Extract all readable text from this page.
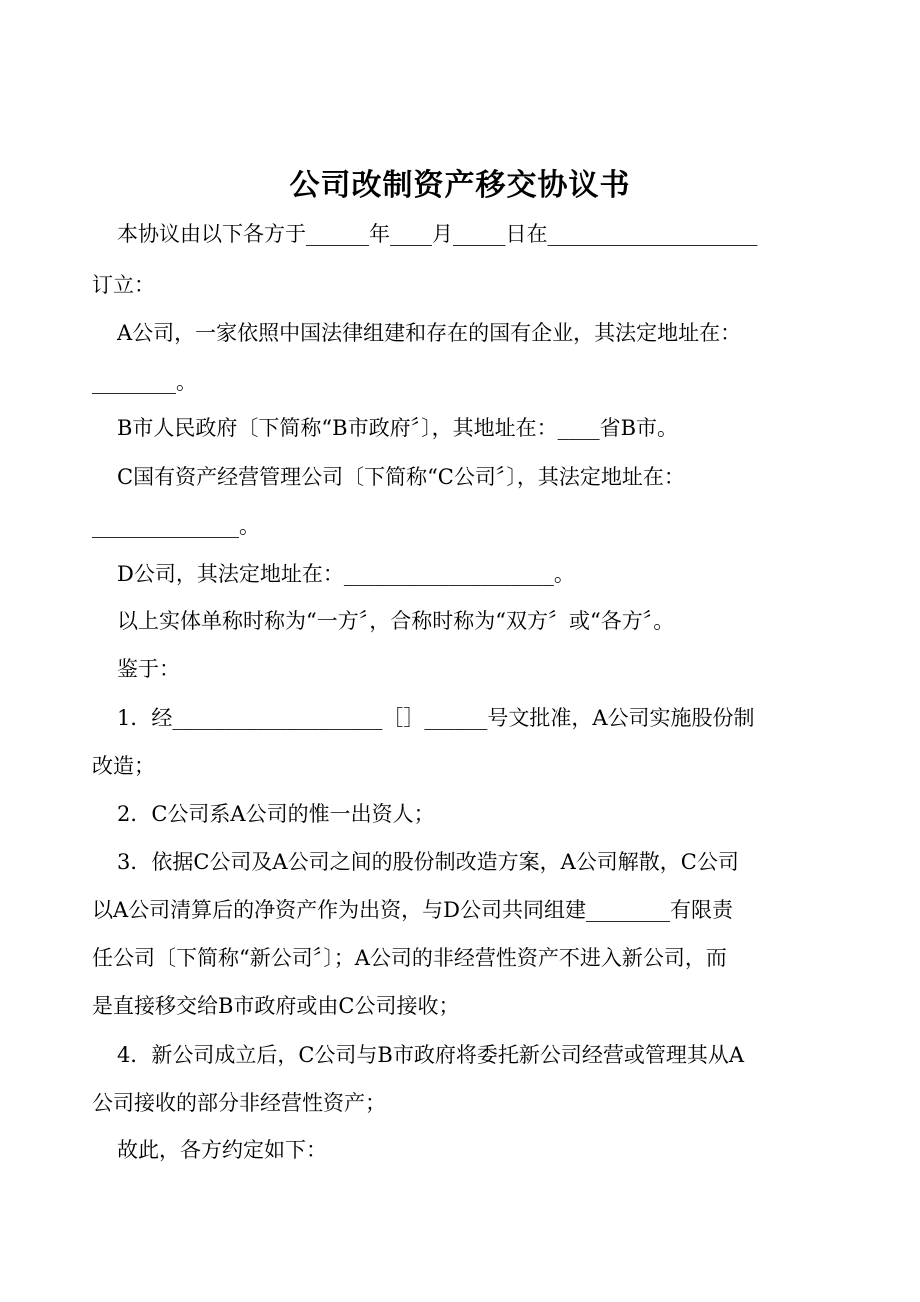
公司改制资产移交协议书
本协议由以下各方于______年____月_____日在____________________
订立：
A公司，一家依照中国法律组建和存在的国有企业，其法定地址在：
________。
B市人民政府〔下简称“B市政府〞〕，其地址在：____省B市。
C国有资产经营管理公司〔下简称“C公司〞〕，其法定地址在：
______________。
D公司，其法定地址在：____________________。
以上实体单称时称为“一方〞，合称时称为“双方〞或“各方〞。
鉴于：
1．经____________________［］______号文批准，A公司实施股份制
改造；
2．C公司系A公司的惟一出资人；
3．依据C公司及A公司之间的股份制改造方案，A公司解散，C公司
以A公司清算后的净资产作为出资，与D公司共同组建________有限责
任公司〔下简称“新公司〞〕；A公司的非经营性资产不进入新公司，而
是直接移交给B市政府或由C公司接收；
4．新公司成立后，C公司与B市政府将委托新公司经营或管理其从A
公司接收的部分非经营性资产；
故此，各方约定如下：
